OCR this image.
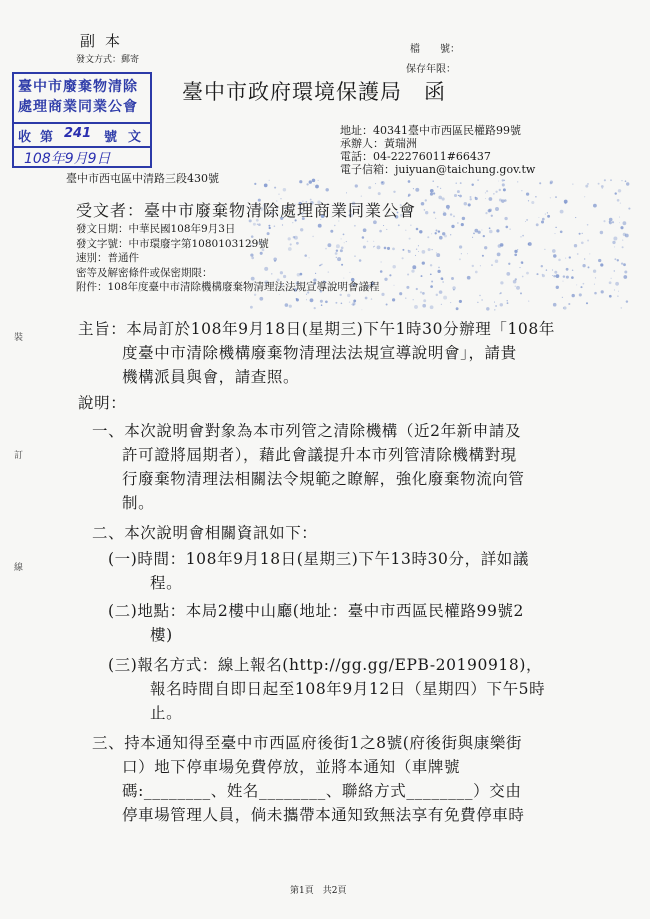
副本
發文方式：郵寄
檔　　號：
保存年限：
臺中市政府環境保護局 函
臺中市廢棄物清除
處理商業同業公會
收 第 241 號 文
108年9月9日
地址：40341臺中市西區民權路99號
承辦人：黃瑞洲
電話：04-22276011#66437
電子信箱：juiyuan@taichung.gov.tw
臺中市西屯區中清路三段430號
受文者：臺中市廢棄物清除處理商業同業公會
發文日期：中華民國108年9月3日
發文字號：中市環廢字第1080103129號
速別：普通件
密等及解密條件或保密期限：
附件：108年度臺中市清除機構廢棄物清理法法規宣導說明會議程
裝
訂
線
主旨：本局訂於108年9月18日(星期三)下午1時30分辦理「108年
度臺中市清除機構廢棄物清理法法規宣導說明會」，請貴
機構派員與會，請查照。
說明：
一、本次說明會對象為本市列管之清除機構（近2年新申請及
許可證將屆期者），藉此會議提升本市列管清除機構對現
行廢棄物清理法相關法令規範之瞭解，強化廢棄物流向管
制。
二、本次說明會相關資訊如下：
(一)時間：108年9月18日(星期三)下午13時30分，詳如議
程。
(二)地點：本局2樓中山廳(地址：臺中市西區民權路99號2
樓)
(三)報名方式：線上報名(http://gg.gg/EPB-20190918)，
報名時間自即日起至108年9月12日（星期四）下午5時
止。
三、持本通知得至臺中市西區府後街1之8號(府後街與康樂街
口）地下停車場免費停放，並將本通知（車牌號
碼:________、姓名________、聯絡方式________）交由
停車場管理人員，倘未攜帶本通知致無法享有免費停車時
第1頁　共2頁
